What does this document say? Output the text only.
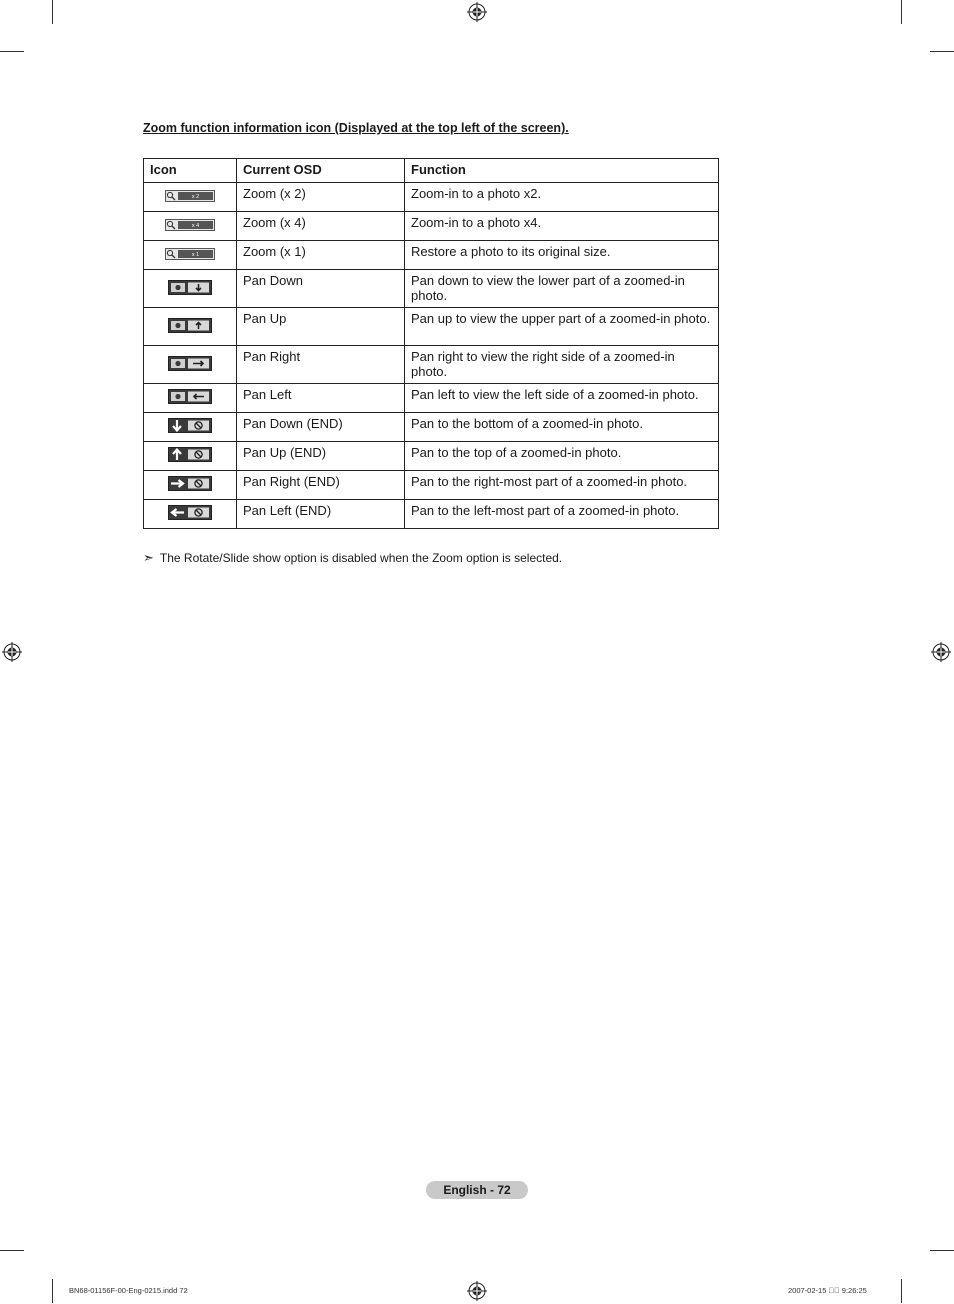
Zoom function information icon (Displayed at the top left of the screen).
Icon	Current OSD	Function

x 2	Zoom (x 2)	Zoom-in to a photo x2.

x 4	Zoom (x 4)	Zoom-in to a photo x4.

x 1	Zoom (x 1)	Restore a photo to its original size.
	Pan Down	Pan down to view the lower part of a zoomed-in photo.
	Pan Up	Pan up to view the upper part of a zoomed-in photo.
	Pan Right	Pan right to view the right side of a zoomed-in photo.
	Pan Left	Pan left to view the left side of a zoomed-in photo.
	Pan Down (END)	Pan to the bottom of a zoomed-in photo.
	Pan Up (END)	Pan to the top of a zoomed-in photo.
	Pan Right (END)	Pan to the right-most part of a zoomed-in photo.
	Pan Left (END)	Pan to the left-most part of a zoomed-in photo.
➣ The Rotate/Slide show option is disabled when the Zoom option is selected.
English - 72
BN68-01156F-00-Eng-0215.indd 72	2007-02-15 ￿￿ 9:26:25
